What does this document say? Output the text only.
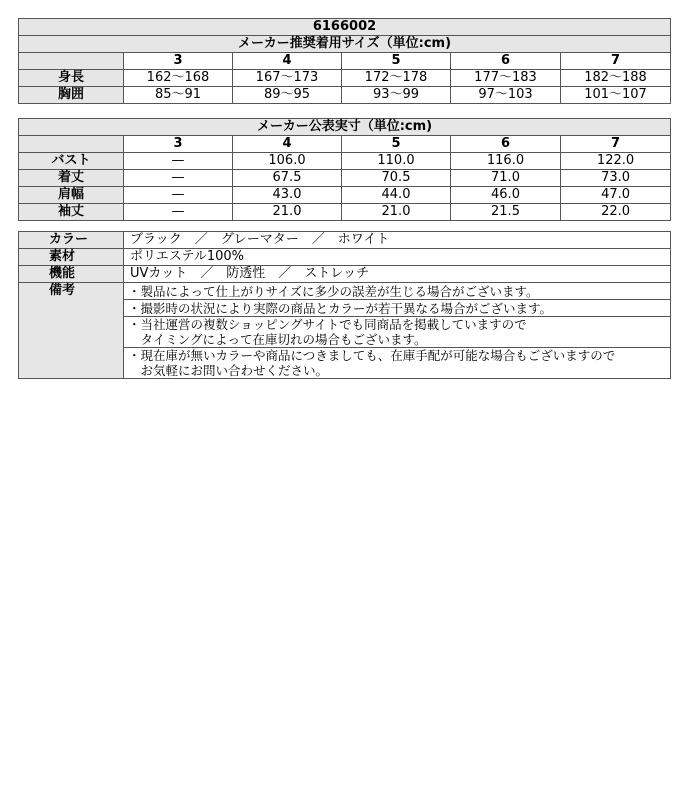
6166002					
メーカー推奨着用サイズ（単位:cm)					
	3	4	5	6	7
身長	162〜168	167〜173	172〜178	177〜183	182〜188
胸囲	85〜91	89〜95	93〜99	97〜103	101〜107
メーカー公表実寸（単位:cm)					
	3	4	5	6	7
バスト	—	106.0	110.0	116.0	122.0
着丈	—	67.5	70.5	71.0	73.0
肩幅	—	43.0	44.0	46.0	47.0
袖丈	—	21.0	21.0	21.5	22.0
カラー	ブラック　／　グレーマター　／　ホワイト
素材	ポリエステル100%
機能	UVカット　／　防透性　／　ストレッチ
備考	・製品によって仕上がりサイズに多少の誤差が生じる場合がございます。
	・撮影時の状況により実際の商品とカラーが若干異なる場合がございます。

	・当社運営の複数ショッピングサイトでも同商品を掲載していますので
　タイミングによって在庫切れの場合もございます。

	・現在庫が無いカラーや商品につきましても、在庫手配が可能な場合もございますので
　お気軽にお問い合わせください。
